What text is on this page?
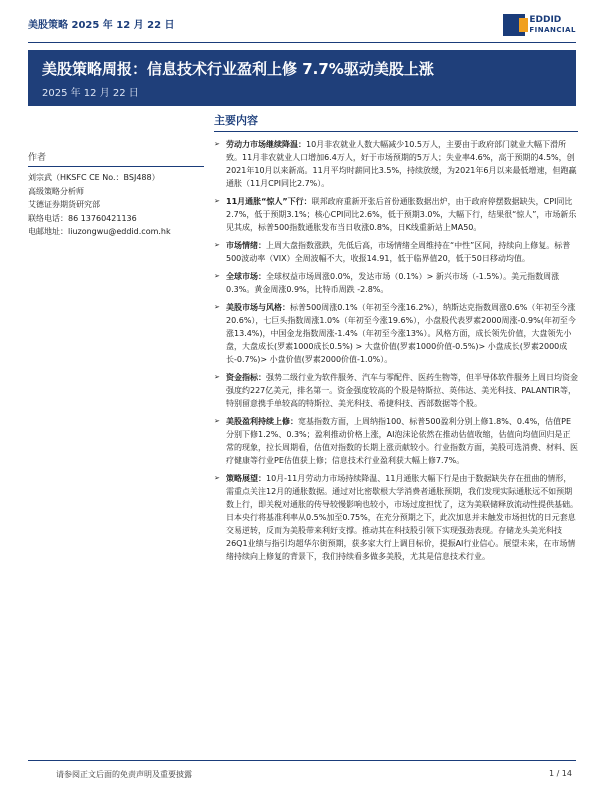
美股策略 2025 年 12 月 22 日	EDDID
FINANCIAL
美股策略周报：信息技术行业盈利上修 7.7%驱动美股上涨
2025 年 12 月 22 日
作者
刘宗武（HKSFC CE No.：BSJ488）
高级策略分析师
艾德证券期货研究部
联络电话：86 13760421136
电邮地址：liuzongwu@eddid.com.hk
主要内容
➢ 劳动力市场继续降温：10月非农就业人数大幅减少10.5万人，主要由于政府部门就业大幅下滑所致。11月非农就业人口增加6.4万人，好于市场预期的5万人；失业率4.6%，高于预期的4.5%，创2021年10月以来新高。11月平均时薪同比3.5%，持续放缓，为2021年6月以来最低增速，但跑赢通胀（11月CPI同比2.7%）。
➢ 11月通胀“惊人”下行：联邦政府重新开张后首份通胀数据出炉，由于政府停摆数据缺失，CPI同比2.7%，低于预期3.1%；核心CPI同比2.6%，低于预期3.0%，大幅下行，结果很“惊人”，市场新乐见其成，标普500指数通胀发布当日收涨0.8%，日K线重新站上MA50。
➢ 市场情绪：上周大盘指数涨跌，先低后高，市场情绪全周维持在“中性”区间，持续向上修复。标普500波动率（VIX）全周波幅不大，收报14.91，低于临界值20，低于50日移动均值。
➢ 全球市场：全球权益市场周涨0.0%，发达市场（0.1%）> 新兴市场（-1.5%）。美元指数周涨0.3%。黄金周涨0.9%，比特币周跌 -2.8%。
➢ 美股市场与风格：标普500周涨0.1%（年初至今涨16.2%），纳斯达克指数周涨0.6%（年初至今涨20.6%），七巨头指数周涨1.0%（年初至今涨19.6%），小盘股代表罗素2000周涨-0.9%(年初至今涨13.4%)，中国金龙指数周涨-1.4%（年初至今涨13%）。风格方面，成长领先价值，大盘领先小盘，大盘成长(罗素1000成长0.5%) > 大盘价值(罗素1000价值-0.5%)> 小盘成长(罗素2000成长-0.7%)> 小盘价值(罗素2000价值-1.0%）。
➢ 资金指标：强势二级行业为软件服务、汽车与零配件、医药生物等，但半导体软件服务上周日均资金强度约227亿美元，排名第一。资金强度较高的个股是特斯拉、英伟达、美光科技、PALANTIR等，特别留意携手单较高的特斯拉、美光科技、希捷科技、西部数据等个股。
➢ 美股盈利持续上修：宽基指数方面，上周纳指100、标普500盈利分别上修1.8%、0.4%，估值PE分别下修1.2%、0.3%；盈利推动价格上涨，AI泡沫论依然在推动估值收缩，估值向均值回归是正常的现象，拉长周期看，估值对指数的长期上涨贡献较小。行业指数方面，美股可选消费、材料、医疗健康等行业PE估值获上修；信息技术行业盈利获大幅上修7.7%。
➢ 策略展望：10月-11月劳动力市场持续降温、11月通胀大幅下行是由于数据缺失存在扭曲的情形，需重点关注12月的通胀数据。通过对比密歇根大学消费者通胀预期，我们发现实际通胀远不如预期数上行，即关税对通胀的传导较慢影响也较小，市场过度担忧了，这为美联储释放流动性提供基础。日本央行将基准利率从0.5%加至0.75%，在充分预期之下，此次加息并未触发市场担忧的日元套息交易逆转，反而为美股带来利好支撑。推动其在科技股引领下实现强劲表现。存储龙头美光科技26Q1业绩与指引均超华尔街预期，获多家大行上调目标价，提振AI行业信心。展望未来，在市场情绪持续向上修复的背景下，我们持续看多做多美股，尤其是信息技术行业。
请参阅正文后面的免责声明及重要披露	1 / 14
